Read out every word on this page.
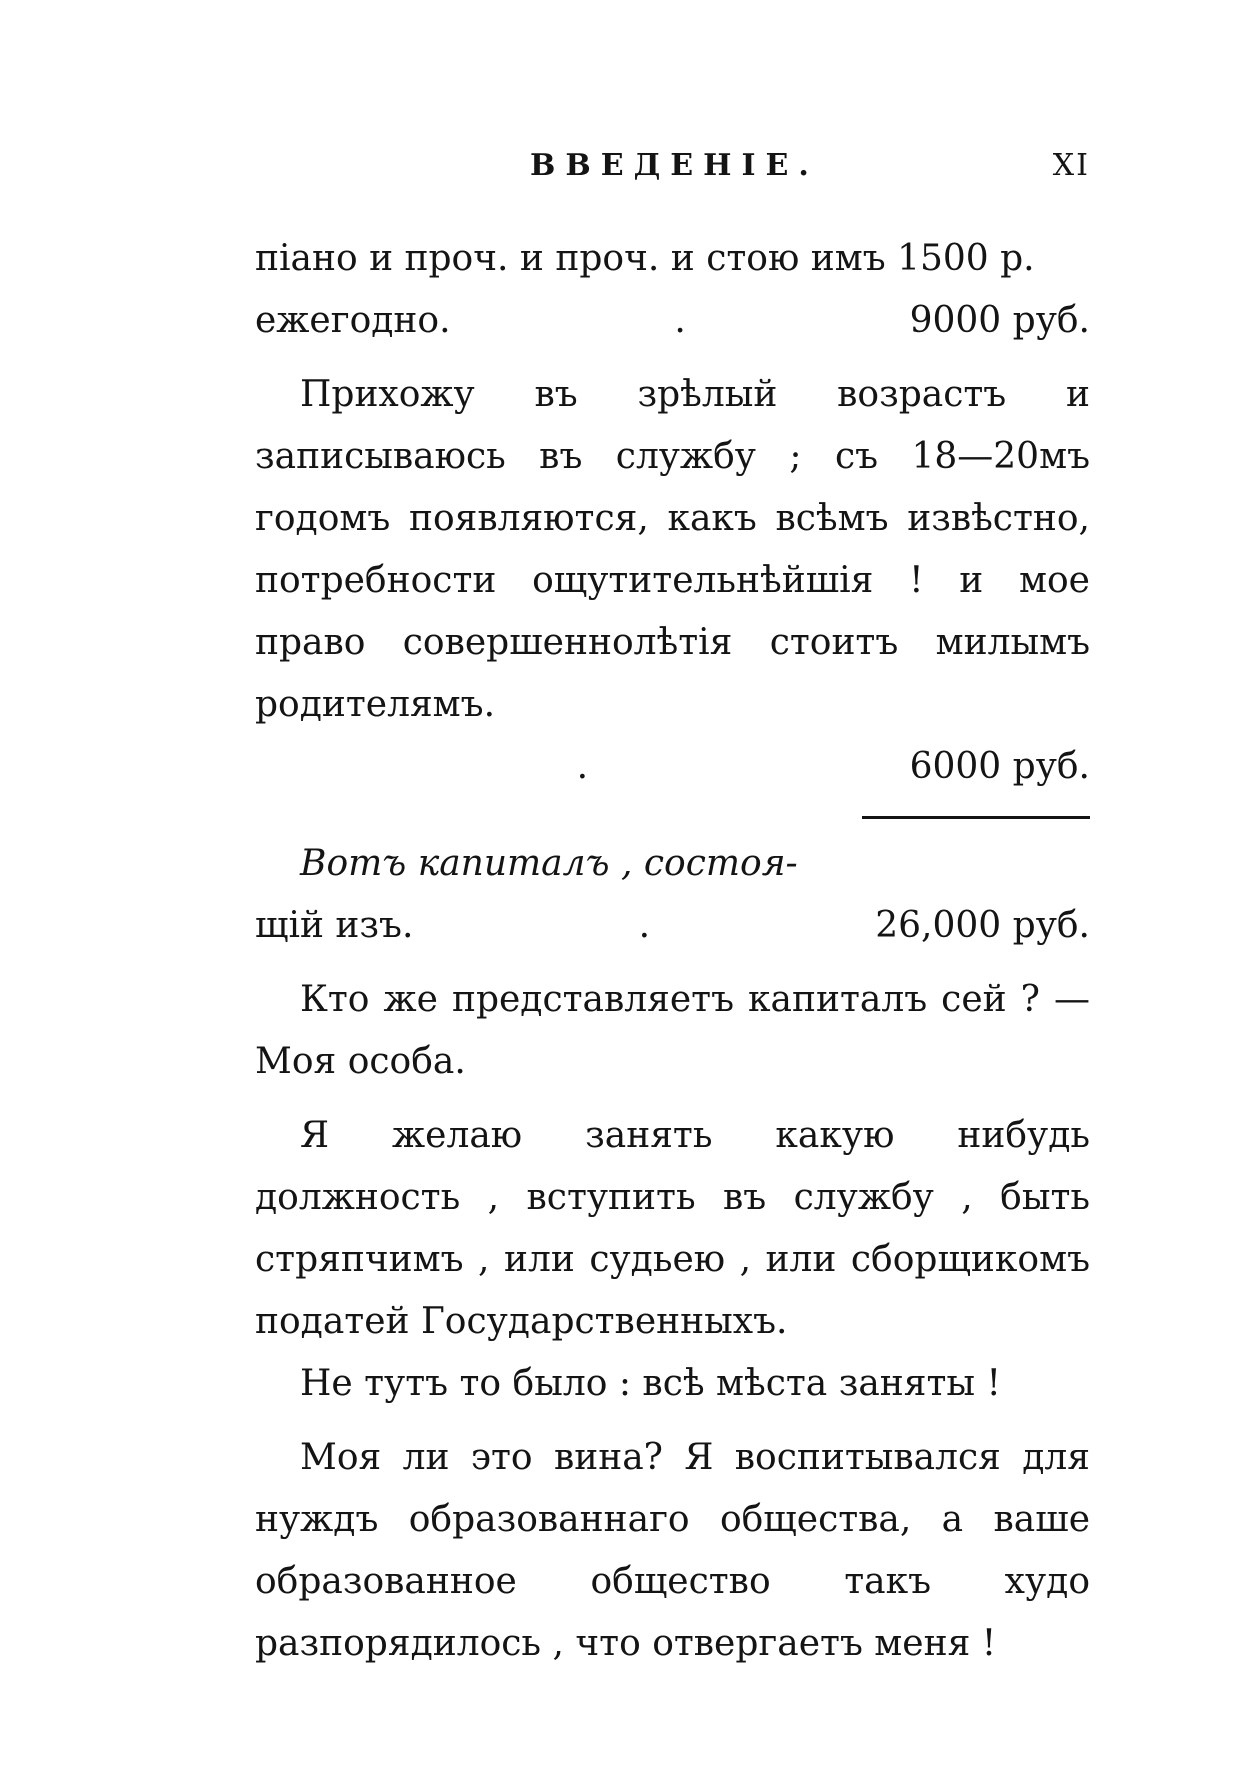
ВВЕДЕНІЕ.	XI

піано и проч. и проч. и стою имъ 1500 р.

ежегодно.	.	9000 руб.

Прихожу въ зрѣлый возрастъ и записываюсь въ службу ; съ 18—20мъ годомъ появляются, какъ всѣмъ извѣстно, потребности ощутительнѣйшія ! и мое право совершеннолѣтія стоитъ милымъ родителямъ.

.	6000 руб.

Вотъ капиталъ , состоя-

щій изъ.	.	26,000 руб.

Кто же представляетъ капиталъ сей ? — Моя особа.

Я желаю занять какую нибудь должность , вступить въ службу , быть стряпчимъ , или судьею , или сборщикомъ податей Государственныхъ.

Не тутъ то было : всѣ мѣста заняты !

Моя ли это вина? Я воспитывался для нуждъ образованнаго общества, а ваше образованное общество такъ худо разпорядилось , что отвергаетъ меня !
